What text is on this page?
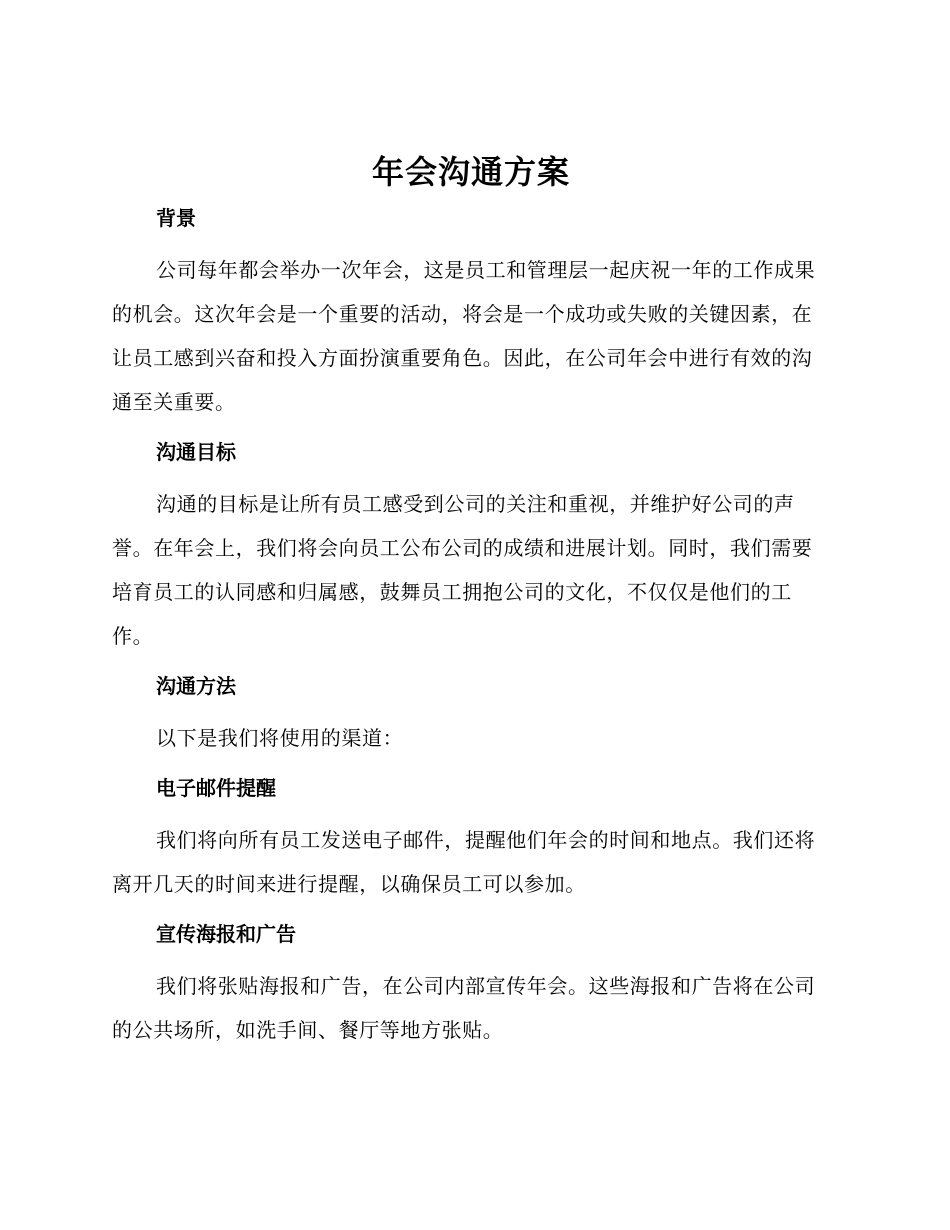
年会沟通方案
背景

公司每年都会举办一次年会，这是员工和管理层一起庆祝一年的工作成果的机会。这次年会是一个重要的活动，将会是一个成功或失败的关键因素，在让员工感到兴奋和投入方面扮演重要角色。因此，在公司年会中进行有效的沟通至关重要。

沟通目标

沟通的目标是让所有员工感受到公司的关注和重视，并维护好公司的声誉。在年会上，我们将会向员工公布公司的成绩和进展计划。同时，我们需要培育员工的认同感和归属感，鼓舞员工拥抱公司的文化，不仅仅是他们的工作。

沟通方法

以下是我们将使用的渠道：

电子邮件提醒

我们将向所有员工发送电子邮件，提醒他们年会的时间和地点。我们还将离开几天的时间来进行提醒，以确保员工可以参加。

宣传海报和广告

我们将张贴海报和广告，在公司内部宣传年会。这些海报和广告将在公司的公共场所，如洗手间、餐厅等地方张贴。
